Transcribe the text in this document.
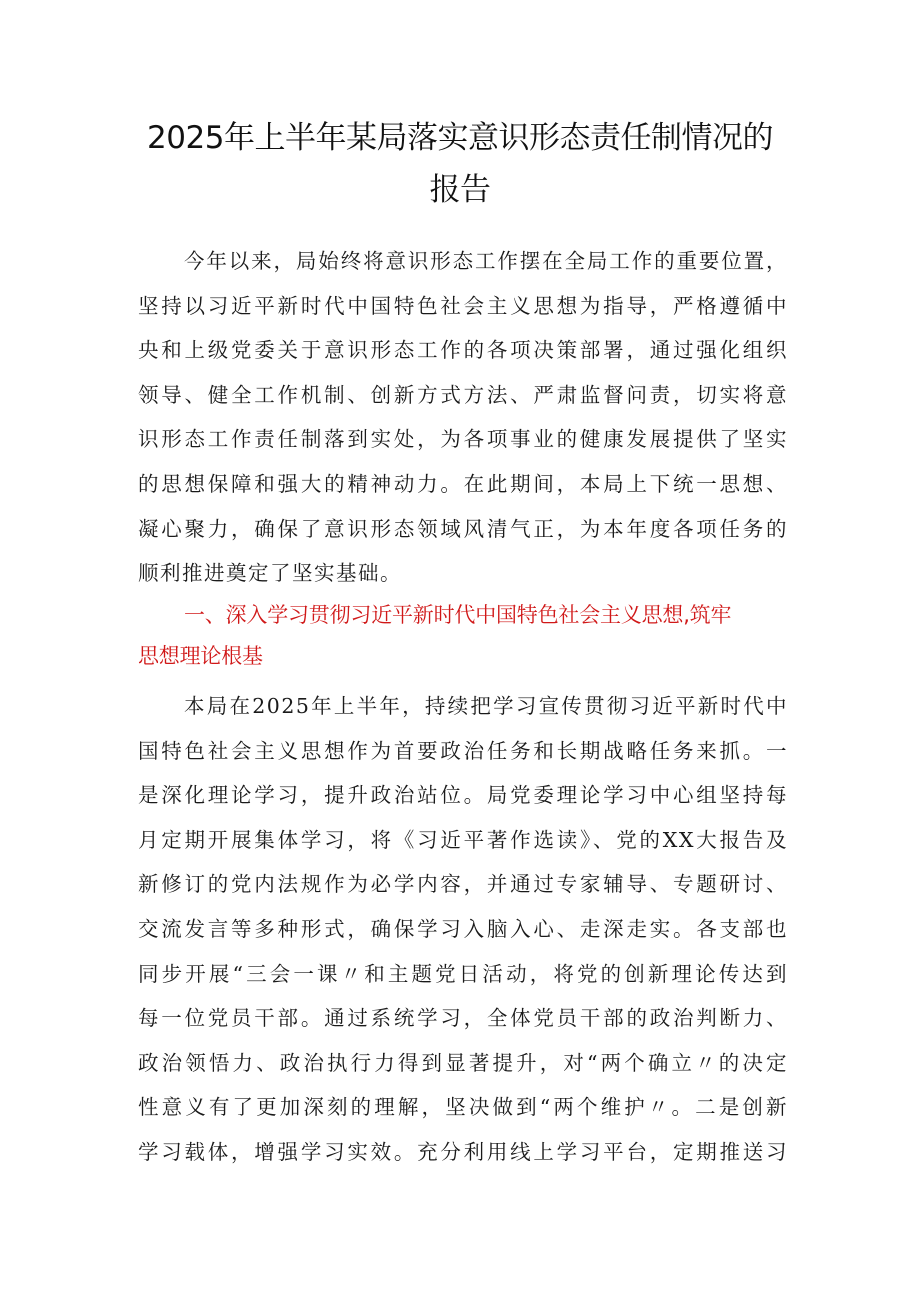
2025年上半年某局落实意识形态责任制情况的
报告
今年以来，局始终将意识形态工作摆在全局工作的重要位置，
坚持以习近平新时代中国特色社会主义思想为指导，严格遵循中
央和上级党委关于意识形态工作的各项决策部署，通过强化组织
领导、健全工作机制、创新方式方法、严肃监督问责，切实将意
识形态工作责任制落到实处，为各项事业的健康发展提供了坚实
的思想保障和强大的精神动力。在此期间，本局上下统一思想、
凝心聚力，确保了意识形态领域风清气正，为本年度各项任务的
顺利推进奠定了坚实基础。
一、深入学习贯彻习近平新时代中国特色社会主义思想,筑牢
思想理论根基
本局在2025年上半年，持续把学习宣传贯彻习近平新时代中
国特色社会主义思想作为首要政治任务和长期战略任务来抓。一
是深化理论学习，提升政治站位。局党委理论学习中心组坚持每
月定期开展集体学习，将《习近平著作选读》、党的XX大报告及
新修订的党内法规作为必学内容，并通过专家辅导、专题研讨、
交流发言等多种形式，确保学习入脑入心、走深走实。各支部也
同步开展“三会一课〃和主题党日活动，将党的创新理论传达到
每一位党员干部。通过系统学习，全体党员干部的政治判断力、
政治领悟力、政治执行力得到显著提升，对“两个确立〃的决定
性意义有了更加深刻的理解，坚决做到“两个维护〃。二是创新
学习载体，增强学习实效。充分利用线上学习平台，定期推送习
